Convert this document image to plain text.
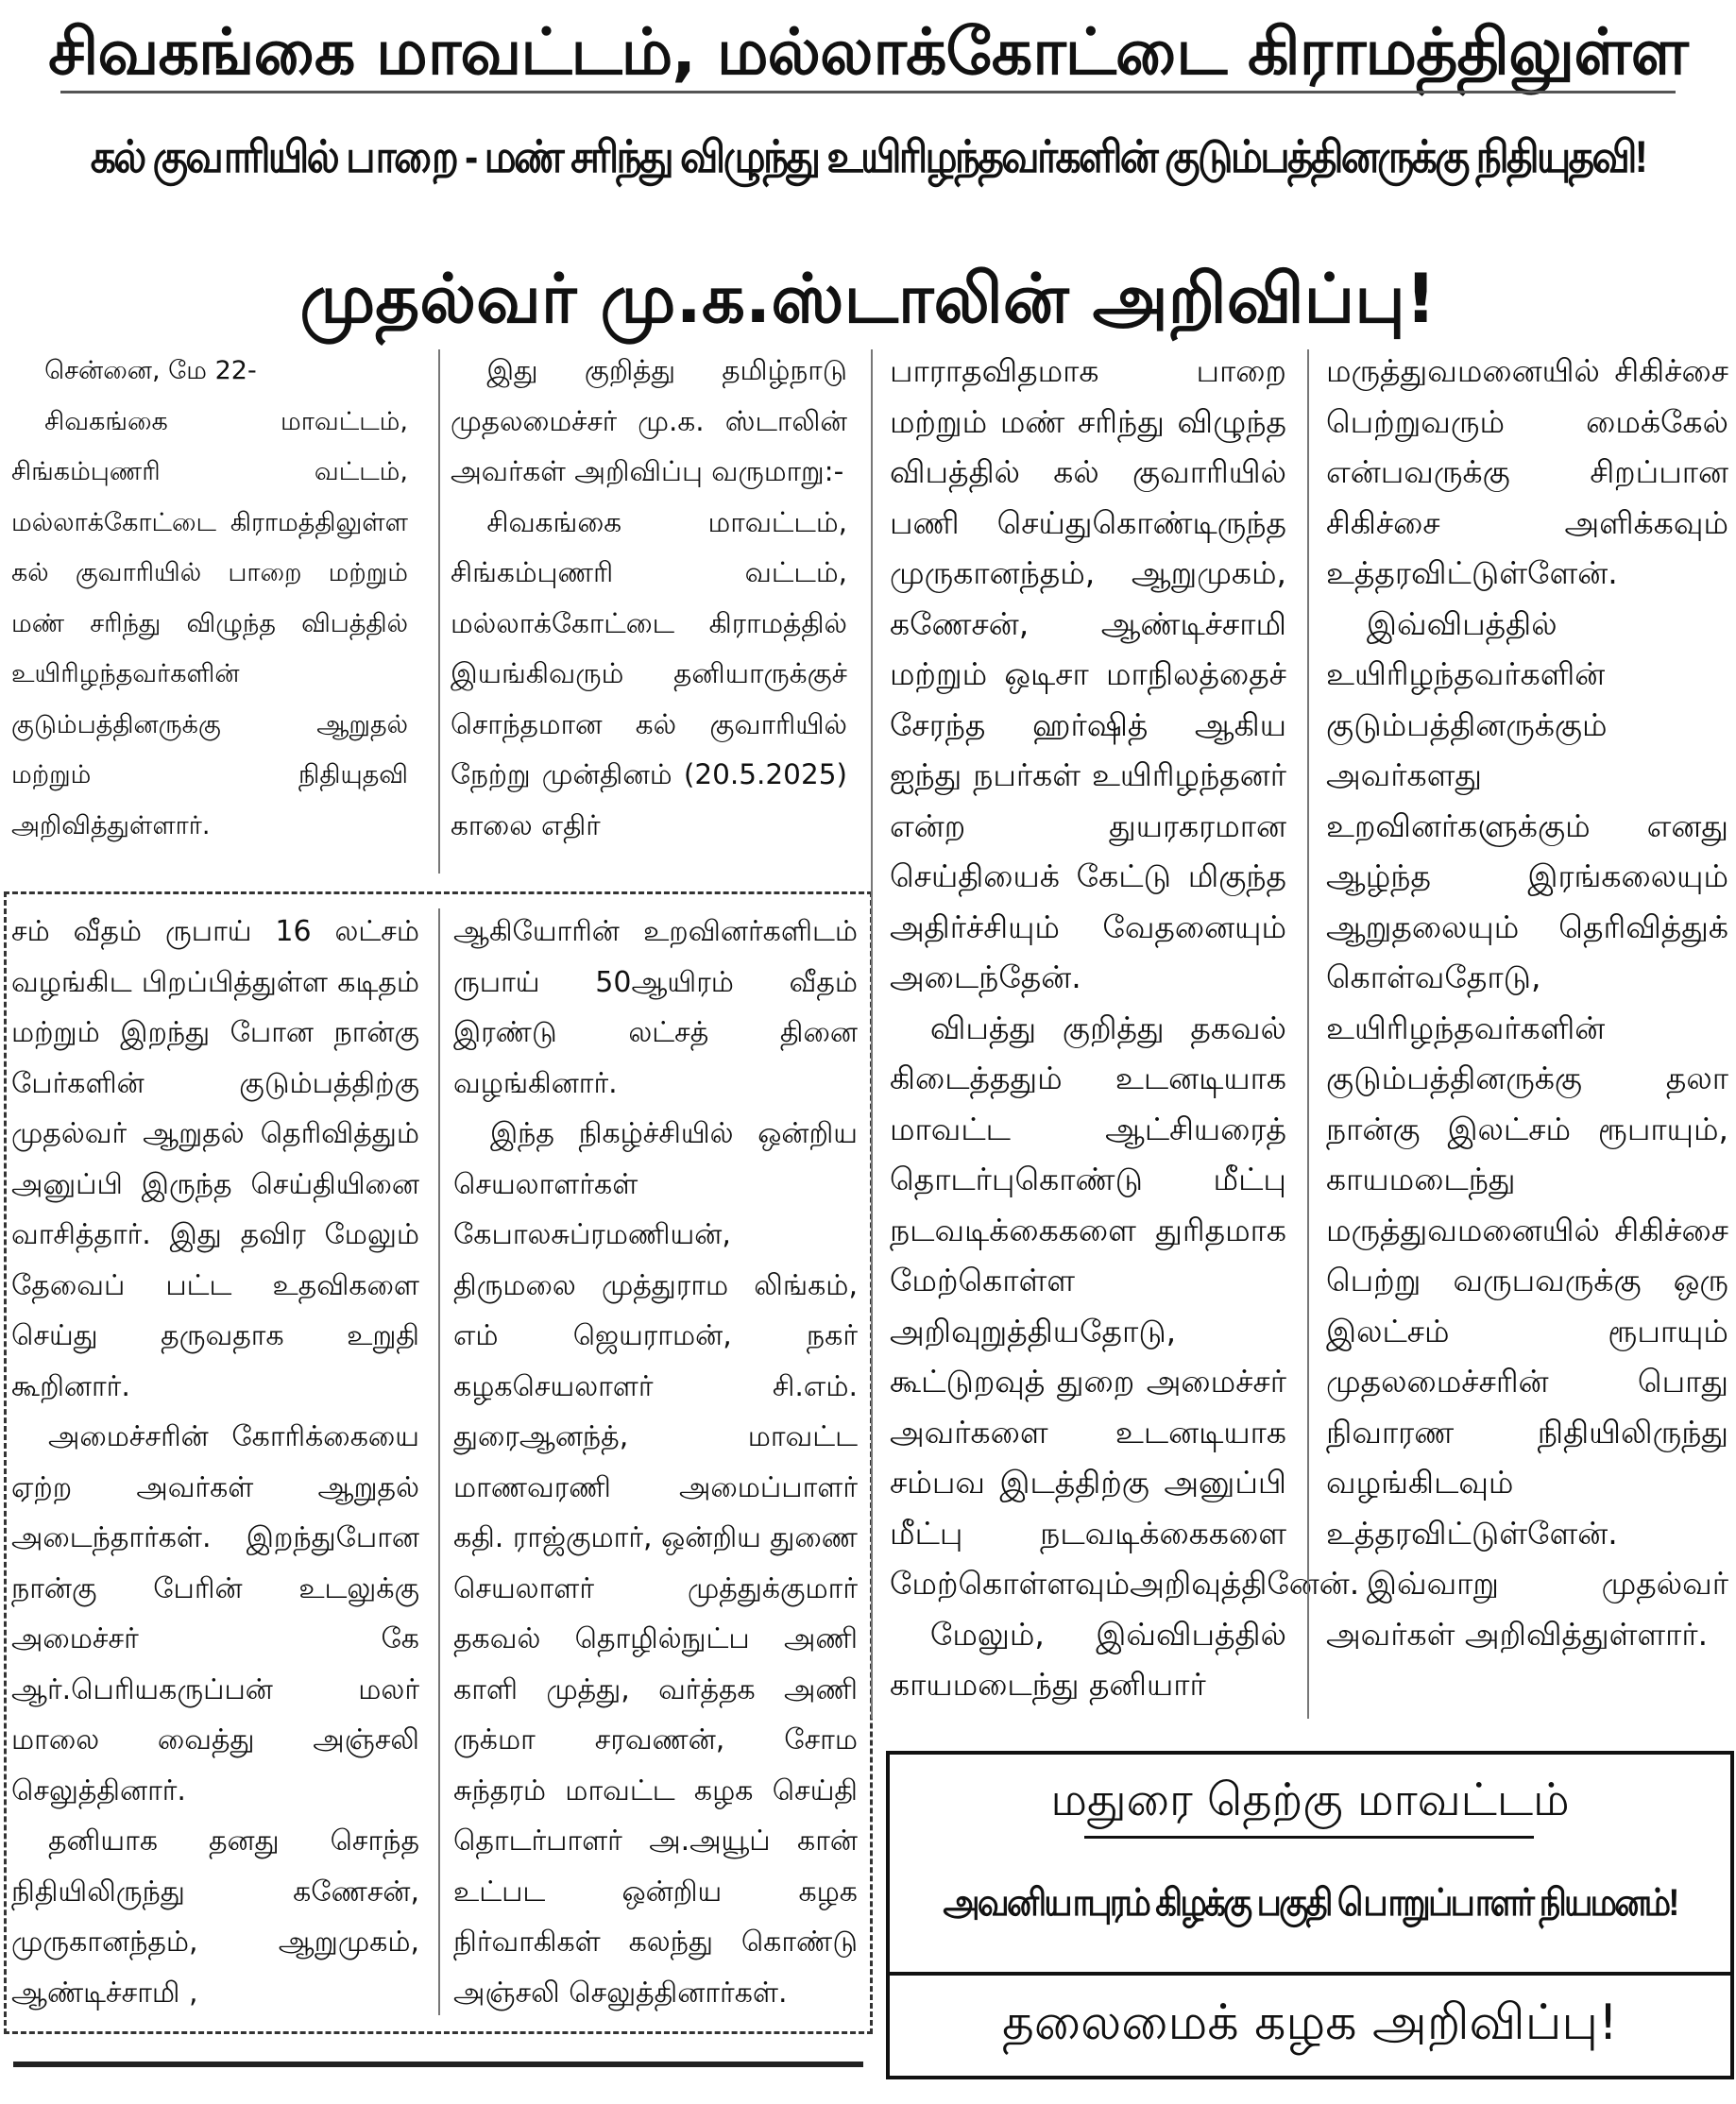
சிவகங்கை மாவட்டம், மல்லாக்கோட்டை கிராமத்திலுள்ள
கல் குவாரியில் பாறை - மண் சரிந்து விழுந்து உயிரிழந்தவர்களின் குடும்பத்தினருக்கு நிதியுதவி!
முதல்வர் மு.க.ஸ்டாலின் அறிவிப்பு!

சென்னை, மே 22-

சிவகங்கை மாவட்டம், சிங்கம்புணரி வட்டம், மல்லாக்கோட்டை கிராமத்திலுள்ள கல் குவாரியில் பாறை மற்றும் மண் சரிந்து விழுந்த விபத்தில் உயிரிழந்தவர்களின் குடும்பத்தினருக்கு ஆறுதல் மற்றும் நிதியுதவி அறிவித்துள்ளார்.

இது குறித்து தமிழ்நாடு முதலமைச்சர் மு.க. ஸ்டாலின் அவர்கள் அறிவிப்பு வருமாறு:-

சிவகங்கை மாவட்டம், சிங்கம்புணரி வட்டம், மல்லாக்கோட்டை கிராமத்தில் இயங்கிவரும் தனியாருக்குச் சொந்தமான கல் குவாரியில் நேற்று முன்தினம் (20.5.2025) காலை எதிர்

சம் வீதம் ருபாய் 16 லட்சம் வழங்கிட பிறப்பித்துள்ள கடிதம் மற்றும் இறந்து போன நான்கு பேர்களின் குடும்பத்திற்கு முதல்வர் ஆறுதல் தெரிவித்தும் அனுப்பி இருந்த செய்தியினை வாசித்தார். இது தவிர மேலும் தேவைப் பட்ட உதவிகளை செய்து தருவதாக உறுதி கூறினார்.

அமைச்சரின் கோரிக்கையை ஏற்ற அவர்கள் ஆறுதல் அடைந்தார்கள். இறந்துபோன நான்கு பேரின் உடலுக்கு அமைச்சர் கே ஆர்.பெரியகருப்பன் மலர் மாலை வைத்து அஞ்சலி செலுத்தினார்.

தனியாக தனது சொந்த நிதியிலிருந்து கணேசன், முருகானந்தம், ஆறுமுகம், ஆண்டிச்சாமி ,

ஆகியோரின் உறவினர்களிடம் ருபாய் 50ஆயிரம் வீதம் இரண்டு லட்சத் தினை வழங்கினார்.

இந்த நிகழ்ச்சியில் ஒன்றிய செயலாளர்கள் கேபாலசுப்ரமணியன், திருமலை முத்துராம லிங்கம், எம் ஜெயராமன், நகர் கழகசெயலாளர் சி.எம். துரைஆனந்த், மாவட்ட மாணவரணி அமைப்பாளர் கதி. ராஜ்குமார், ஒன்றிய துணை செயலாளர் முத்துக்குமார் தகவல் தொழில்நுட்ப அணி காளி முத்து, வர்த்தக அணி ருக்மா சரவணன், சோம சுந்தரம் மாவட்ட கழக செய்தி தொடர்பாளர் அ.அயூப் கான் உட்பட ஒன்றிய கழக நிர்வாகிகள் கலந்து கொண்டு அஞ்சலி செலுத்தினார்கள்.

பாராதவிதமாக பாறை மற்றும் மண் சரிந்து விழுந்த விபத்தில் கல் குவாரியில் பணி செய்துகொண்டிருந்த முருகானந்தம், ஆறுமுகம், கணேசன், ஆண்டிச்சாமி மற்றும் ஒடிசா மாநிலத்தைச் சேரந்த ஹர்ஷித் ஆகிய ஐந்து நபர்கள் உயிரிழந்தனர் என்ற துயரகரமான செய்தியைக் கேட்டு மிகுந்த அதிர்ச்சியும் வேதனையும் அடைந்தேன்.

விபத்து குறித்து தகவல் கிடைத்ததும் உடனடியாக மாவட்ட ஆட்சியரைத் தொடர்புகொண்டு மீட்பு நடவடிக்கைகளை துரிதமாக மேற்கொள்ள அறிவுறுத்தியதோடு, கூட்டுறவுத் துறை அமைச்சர் அவர்களை உடனடியாக சம்பவ இடத்திற்கு அனுப்பி மீட்பு நடவடிக்கைகளை மேற்கொள்ளவும்அறிவுத்தினேன்.

மேலும், இவ்விபத்தில் காயமடைந்து தனியார்

மருத்துவமனையில் சிகிச்சை பெற்றுவரும் மைக்கேல் என்பவருக்கு சிறப்பான சிகிச்சை அளிக்கவும் உத்தரவிட்டுள்ளேன்.

இவ்விபத்தில் உயிரிழந்தவர்களின் குடும்பத்தினருக்கும் அவர்களது உறவினர்களுக்கும் எனது ஆழ்ந்த இரங்கலையும் ஆறுதலையும் தெரிவித்துக் கொள்வதோடு, உயிரிழந்தவர்களின் குடும்பத்தினருக்கு தலா நான்கு இலட்சம் ரூபாயும், காயமடைந்து மருத்துவமனையில் சிகிச்சை பெற்று வருபவருக்கு ஒரு இலட்சம் ரூபாயும் முதலமைச்சரின் பொது நிவாரண நிதியிலிருந்து வழங்கிடவும் உத்தரவிட்டுள்ளேன்.

இவ்வாறு முதல்வர் அவர்கள் அறிவித்துள்ளார்.

மதுரை தெற்கு மாவட்டம்

அவனியாபுரம் கிழக்கு பகுதி பொறுப்பாளர் நியமனம்!

தலைமைக் கழக அறிவிப்பு!
